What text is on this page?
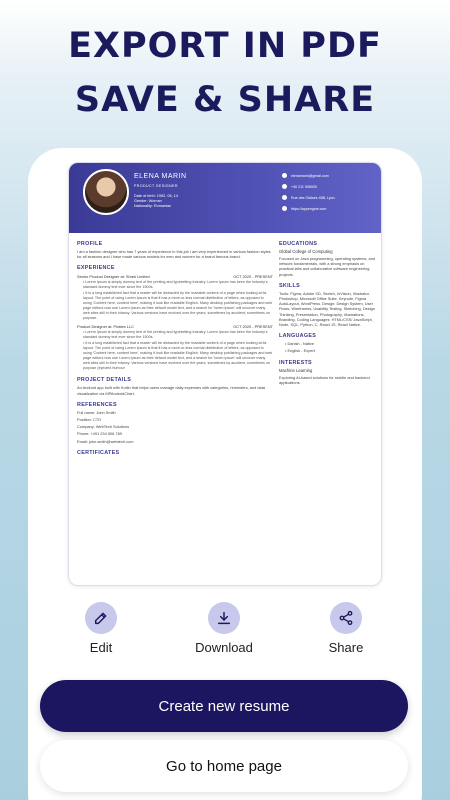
EXPORT IN PDF
SAVE & SHARE
ELENA MARIN
PRODUCT DESIGNER
Date of birth: 1992, 05, 14
Gender: Woman
Nationality: Romanian
elenamarin@gmail.com
+40 211 908900
Rue des Glaïses 45B, Lyon
https://appengine.com
PROFILE
I am a fashion designer who has 7 years of experience in this job I am very experienced in various fashion styles for all seasons and I have made various models for men and women for a brand famous brand.
EXPERIENCE
Senior Product Designer at: Shrek Limited	OCT 2020 - PRESENT
• Lorem Ipsum is simply dummy text of the printing and typesetting industry. Lorem Ipsum has been the industry's standard dummy text ever since the 1500s.
• It is a long established fact that a reader will be distracted by the readable content of a page when looking at its layout. The point of using Lorem Ipsum is that it has a more-or-less normal distribution of letters, as opposed to using 'Content here, content here', making it look like readable English. Many desktop publishing packages and web page editors now use Lorem Ipsum as their default model text, and a search for 'lorem ipsum' will uncover many web sites still in their infancy. Various versions have evolved over the years, sometimes by accident, sometimes on purpose.
Product Designer at: Pirates LLC	OCT 2020 - PRESENT
• Lorem Ipsum is simply dummy text of the printing and typesetting industry. Lorem Ipsum has been the industry's standard dummy text ever since the 1500s.
• It is a long established fact that a reader will be distracted by the readable content of a page when looking at its layout. The point of using Lorem Ipsum is that it has a more-or-less normal distribution of letters, as opposed to using 'Content here, content here', making it look like readable English. Many desktop publishing packages and web page editors now use Lorem Ipsum as their default model text, and a search for 'lorem ipsum' will uncover many web sites still in their infancy. Various versions have evolved over the years, sometimes by accident, sometimes on purpose (injected humour
PROJECT DETAILS
An Android app built with Kotlin that helps users manage daily expenses with categories, reminders, and data visualization via MPAndroidChart.
REFERENCES
Full name: John Smith
Position: CTO
Company: WebTech Solutions
Phone: +491 234 506 789
Email: john.smith@webtech.com
CERTIFICATES
EDUCATIONS
Global College of Computing
Focused on Java programming, operating systems, and network fundamentals, with a strong emphasis on practical labs and collaborative software engineering projects.
SKILLS
Tools: Figma, Adobe XD, Sketch, InVision, Illustrator, Photoshop, Microsoft Office Suite, Keynote, Figma AutoLayout, WordPress. Design: Design System, User Flows, Wireframes, Usability Testing, Sketching, Design Thinking, Presentation, Photography, Illustrations, Branding. Coding Languages: HTML/CSS/ JavaScript, Node, SQL, Python, C, React JS, React Native.
LANGUAGES
• Danish - Native
• English - Expert
INTERESTS
Machine Learning
Exploring AI-based solutions for mobile and backend applications.
Edit	Download	Share
Create new resume
Go to home page
